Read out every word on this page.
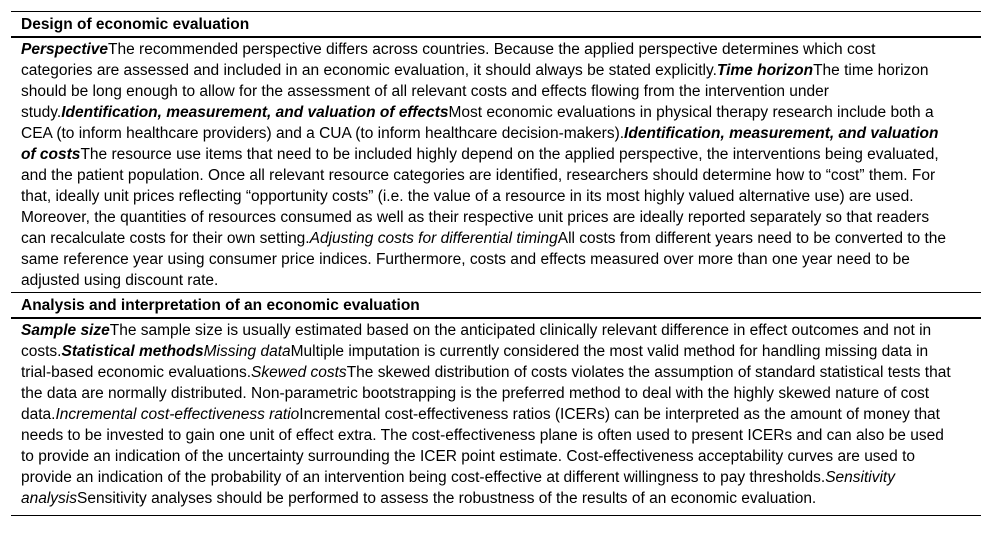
Design of economic evaluation
PerspectiveThe recommended perspective differs across countries. Because the applied perspective determines which cost categories are assessed and included in an economic evaluation, it should always be stated explicitly.Time horizonThe time horizon should be long enough to allow for the assessment of all relevant costs and effects flowing from the intervention under study.Identification, measurement, and valuation of effectsMost economic evaluations in physical therapy research include both a CEA (to inform healthcare providers) and a CUA (to inform healthcare decision-makers).Identification, measurement, and valuation of costsThe resource use items that need to be included highly depend on the applied perspective, the interventions being evaluated, and the patient population. Once all relevant resource categories are identified, researchers should determine how to “cost” them. For that, ideally unit prices reflecting “opportunity costs” (i.e. the value of a resource in its most highly valued alternative use) are used. Moreover, the quantities of resources consumed as well as their respective unit prices are ideally reported separately so that readers can recalculate costs for their own setting.Adjusting costs for differential timingAll costs from different years need to be converted to the same reference year using consumer price indices. Furthermore, costs and effects measured over more than one year need to be adjusted using discount rate.
Analysis and interpretation of an economic evaluation
Sample sizeThe sample size is usually estimated based on the anticipated clinically relevant difference in effect outcomes and not in costs.Statistical methodsMissing dataMultiple imputation is currently considered the most valid method for handling missing data in trial-based economic evaluations.Skewed costsThe skewed distribution of costs violates the assumption of standard statistical tests that the data are normally distributed. Non-parametric bootstrapping is the preferred method to deal with the highly skewed nature of cost data.Incremental cost-effectiveness ratioIncremental cost-effectiveness ratios (ICERs) can be interpreted as the amount of money that needs to be invested to gain one unit of effect extra. The cost-effectiveness plane is often used to present ICERs and can also be used to provide an indication of the uncertainty surrounding the ICER point estimate. Cost-effectiveness acceptability curves are used to provide an indication of the probability of an intervention being cost-effective at different willingness to pay thresholds.Sensitivity analysisSensitivity analyses should be performed to assess the robustness of the results of an economic evaluation.
